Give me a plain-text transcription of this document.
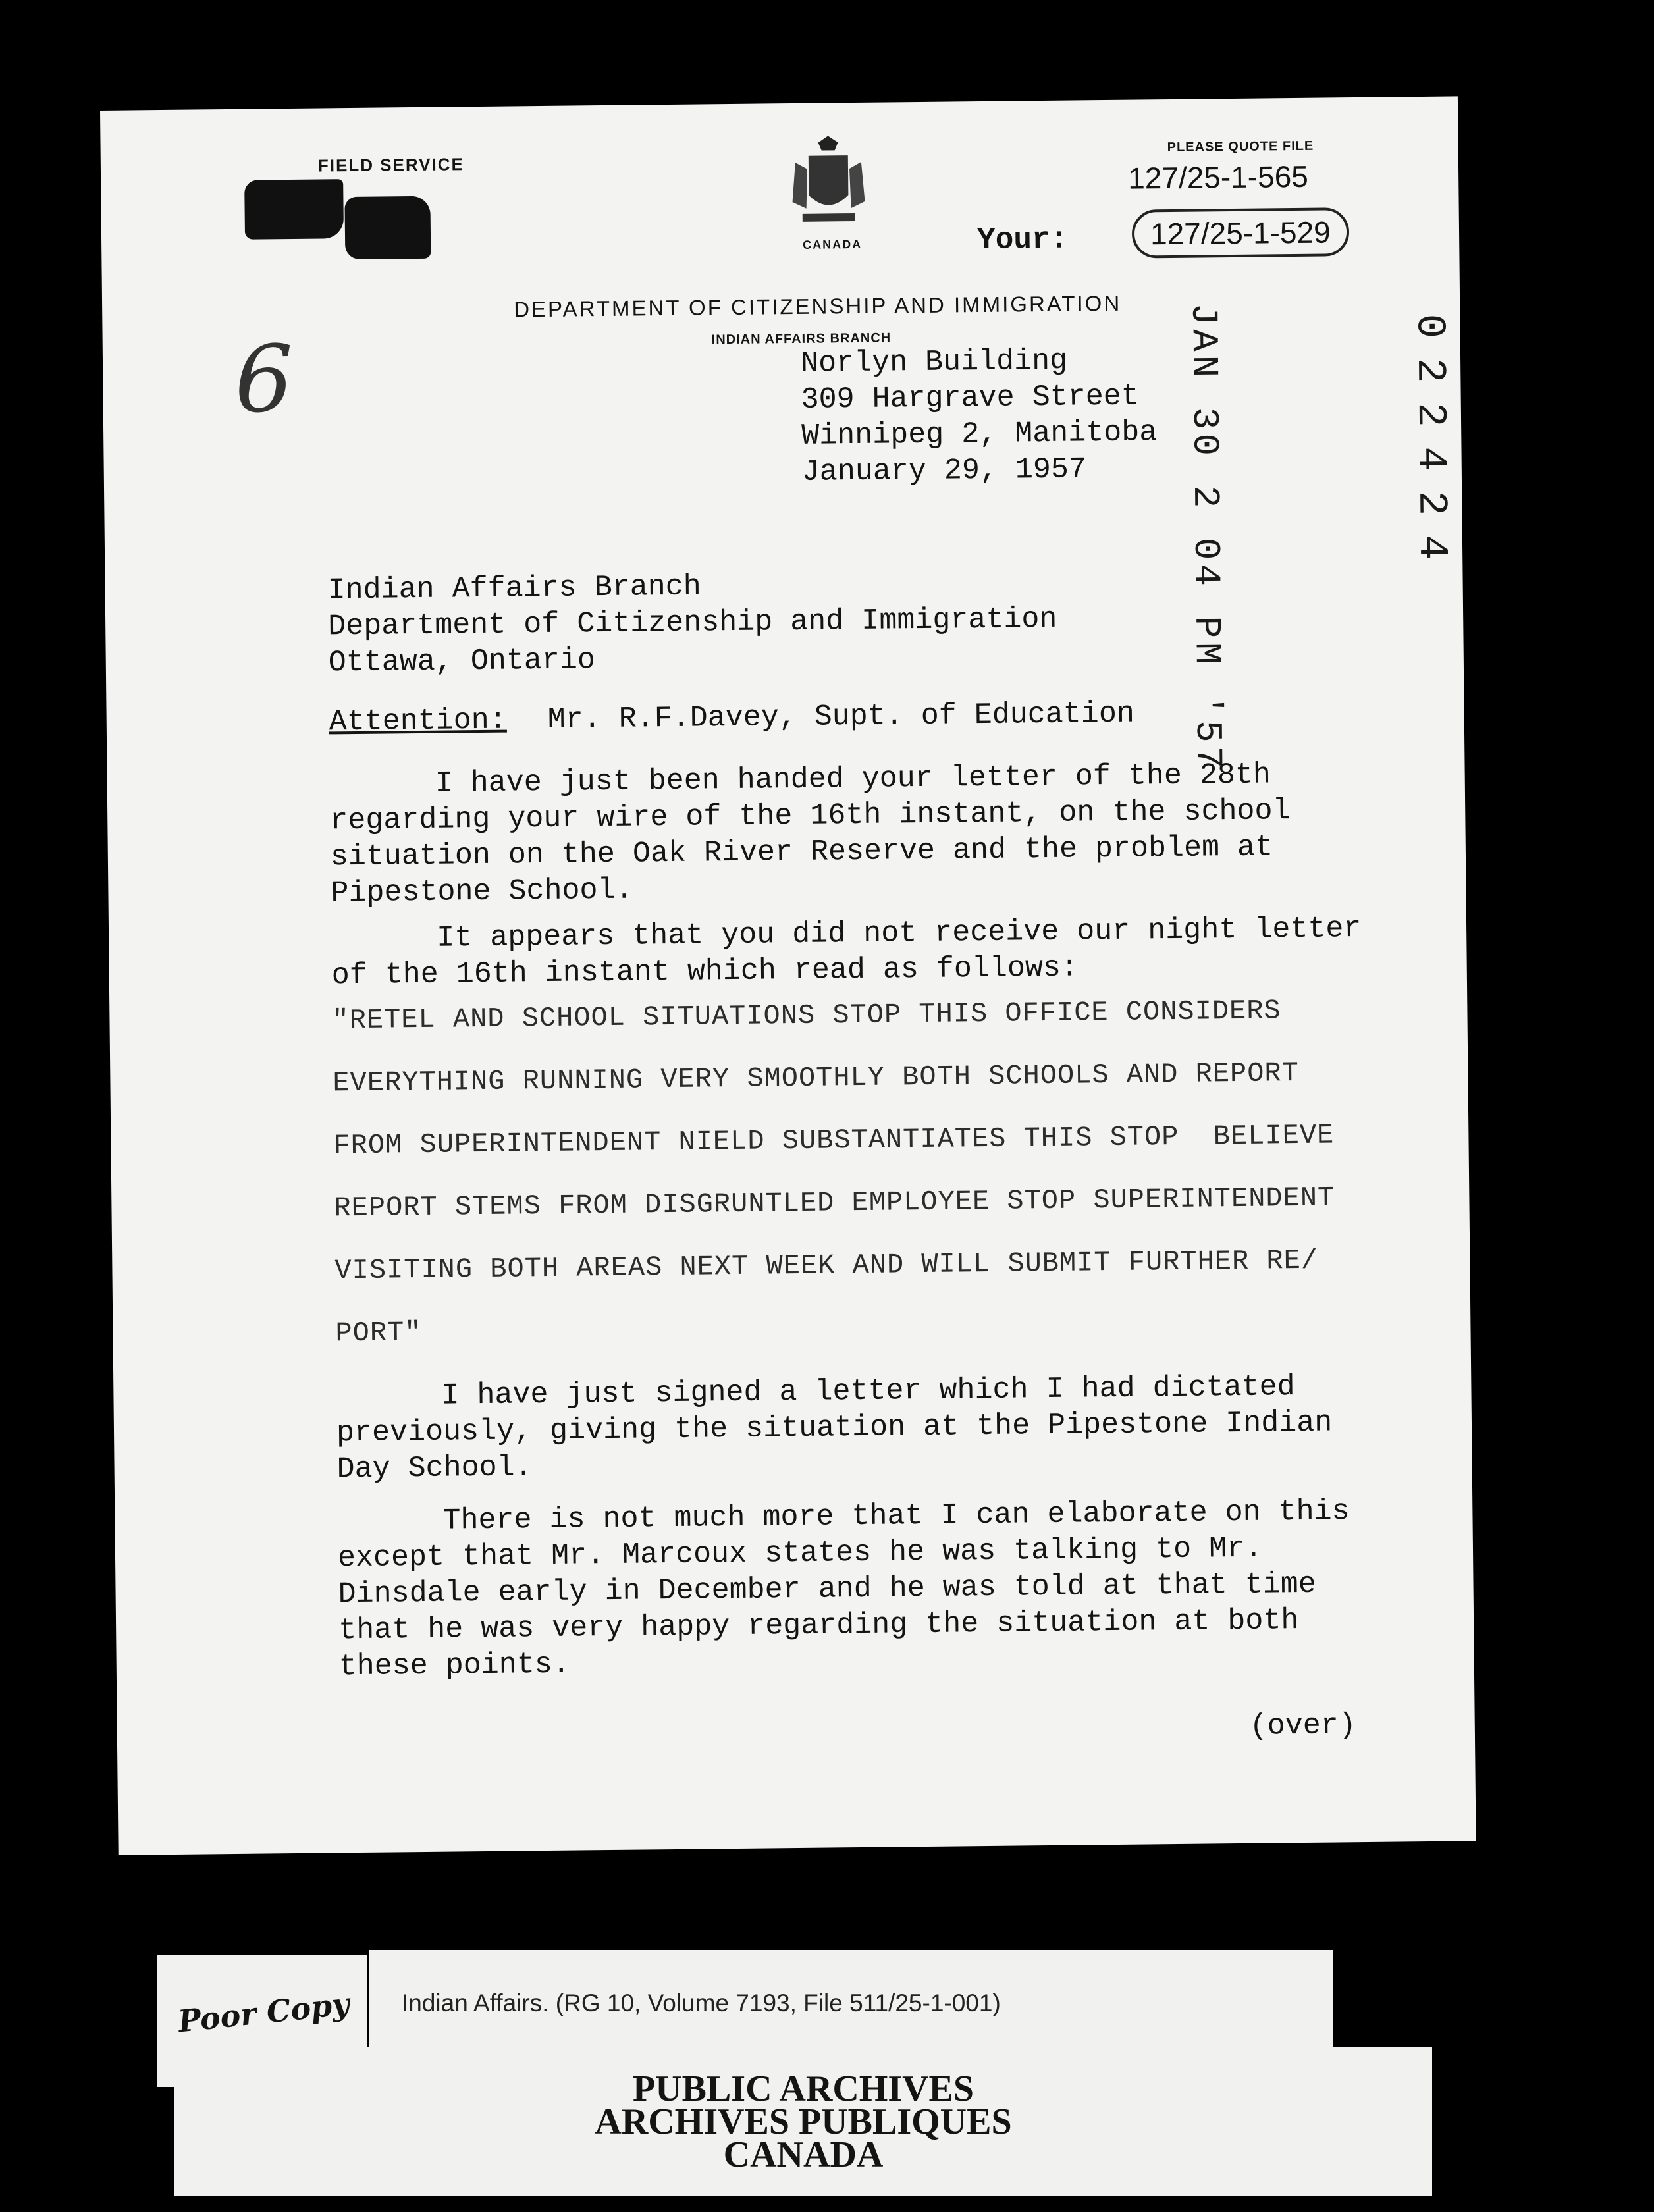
FIELD SERVICE
CANADA
PLEASE QUOTE FILE
127/25-1-565
Your:	127/25-1-529
DEPARTMENT OF CITIZENSHIP AND IMMIGRATION
INDIAN AFFAIRS BRANCH
Norlyn Building
309 Hargrave Street
Winnipeg 2, Manitoba
January 29, 1957	JAN 30 2 04 PM '57	022424
6
Indian Affairs Branch
Department of Citizenship and Immigration
Ottawa, Ontario
Attention: Mr. R.F.Davey, Supt. of Education
I have just been handed your letter of the 28th
regarding your wire of the 16th instant, on the school
situation on the Oak River Reserve and the problem at
Pipestone School.
It appears that you did not receive our night letter
of the 16th instant which read as follows:
"RETEL AND SCHOOL SITUATIONS STOP THIS OFFICE CONSIDERS
EVERYTHING RUNNING VERY SMOOTHLY BOTH SCHOOLS AND REPORT
FROM SUPERINTENDENT NIELD SUBSTANTIATES THIS STOP  BELIEVE
REPORT STEMS FROM DISGRUNTLED EMPLOYEE STOP SUPERINTENDENT
VISITING BOTH AREAS NEXT WEEK AND WILL SUBMIT FURTHER RE/
PORT"
I have just signed a letter which I had dictated
previously, giving the situation at the Pipestone Indian
Day School.
There is not much more that I can elaborate on this
except that Mr. Marcoux states he was talking to Mr.
Dinsdale early in December and he was told at that time
that he was very happy regarding the situation at both
these points.
(over)
Poor Copy Indian Affairs. (RG 10, Volume 7193, File 511/25-1-001)
PUBLIC ARCHIVES
ARCHIVES PUBLIQUES
CANADA
